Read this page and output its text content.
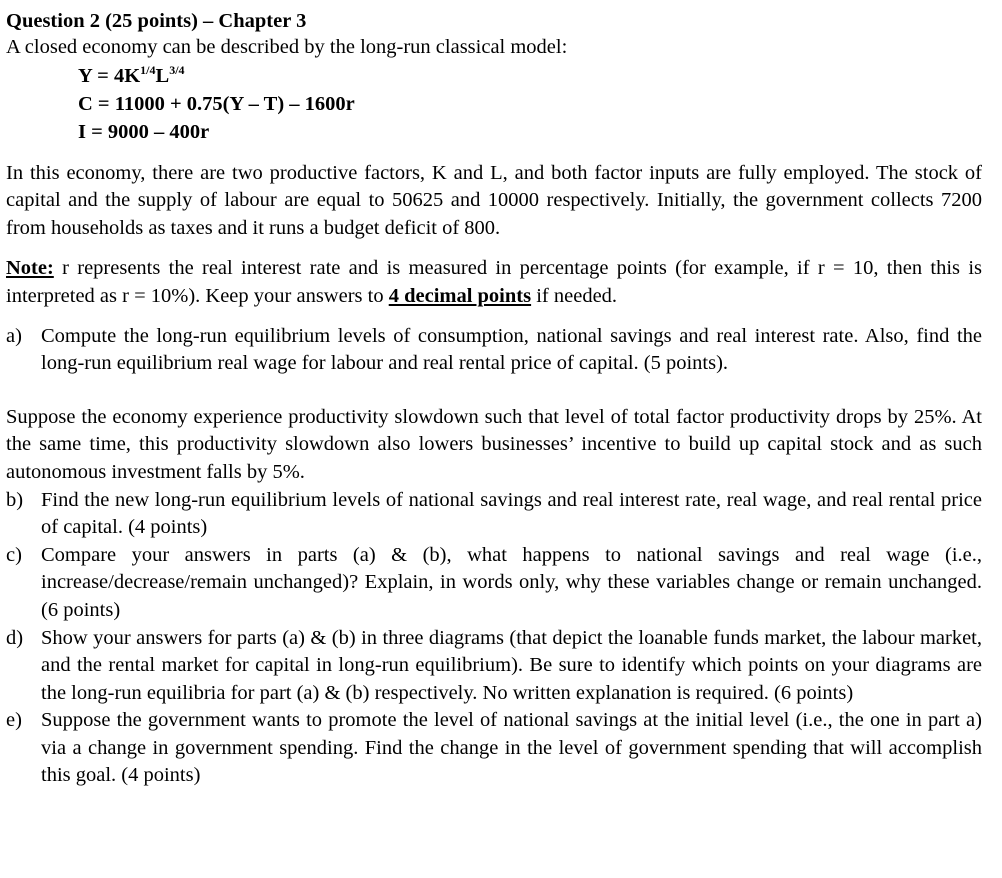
Question 2 (25 points) – Chapter 3

A closed economy can be described by the long-run classical model:

$Y = 4K^{1/4}L^{3/4}$
C = 11000 + 0.75(Y – T) – 1600r
I = 9000 – 400r

In this economy, there are two productive factors, K and L, and both factor inputs are fully employed. The stock of capital and the supply of labour are equal to 50625 and 10000 respectively. Initially, the government collects 7200 from households as taxes and it runs a budget deficit of 800.

Note: r represents the real interest rate and is measured in percentage points (for example, if r = 10, then this is interpreted as r = 10%). Keep your answers to 4 decimal points if needed.

a) Compute the long-run equilibrium levels of consumption, national savings and real interest rate. Also, find the long-run equilibrium real wage for labour and real rental price of capital. (5 points).

Suppose the economy experience productivity slowdown such that level of total factor productivity drops by 25%. At the same time, this productivity slowdown also lowers businesses’ incentive to build up capital stock and as such autonomous investment falls by 5%.

b) Find the new long-run equilibrium levels of national savings and real interest rate, real wage, and real rental price of capital. (4 points)
c) Compare your answers in parts (a) & (b), what happens to national savings and real wage (i.e., increase/decrease/remain unchanged)? Explain, in words only, why these variables change or remain unchanged. (6 points)
d) Show your answers for parts (a) & (b) in three diagrams (that depict the loanable funds market, the labour market, and the rental market for capital in long-run equilibrium). Be sure to identify which points on your diagrams are the long-run equilibria for part (a) & (b) respectively. No written explanation is required. (6 points)
e) Suppose the government wants to promote the level of national savings at the initial level (i.e., the one in part a) via a change in government spending. Find the change in the level of government spending that will accomplish this goal. (4 points)
